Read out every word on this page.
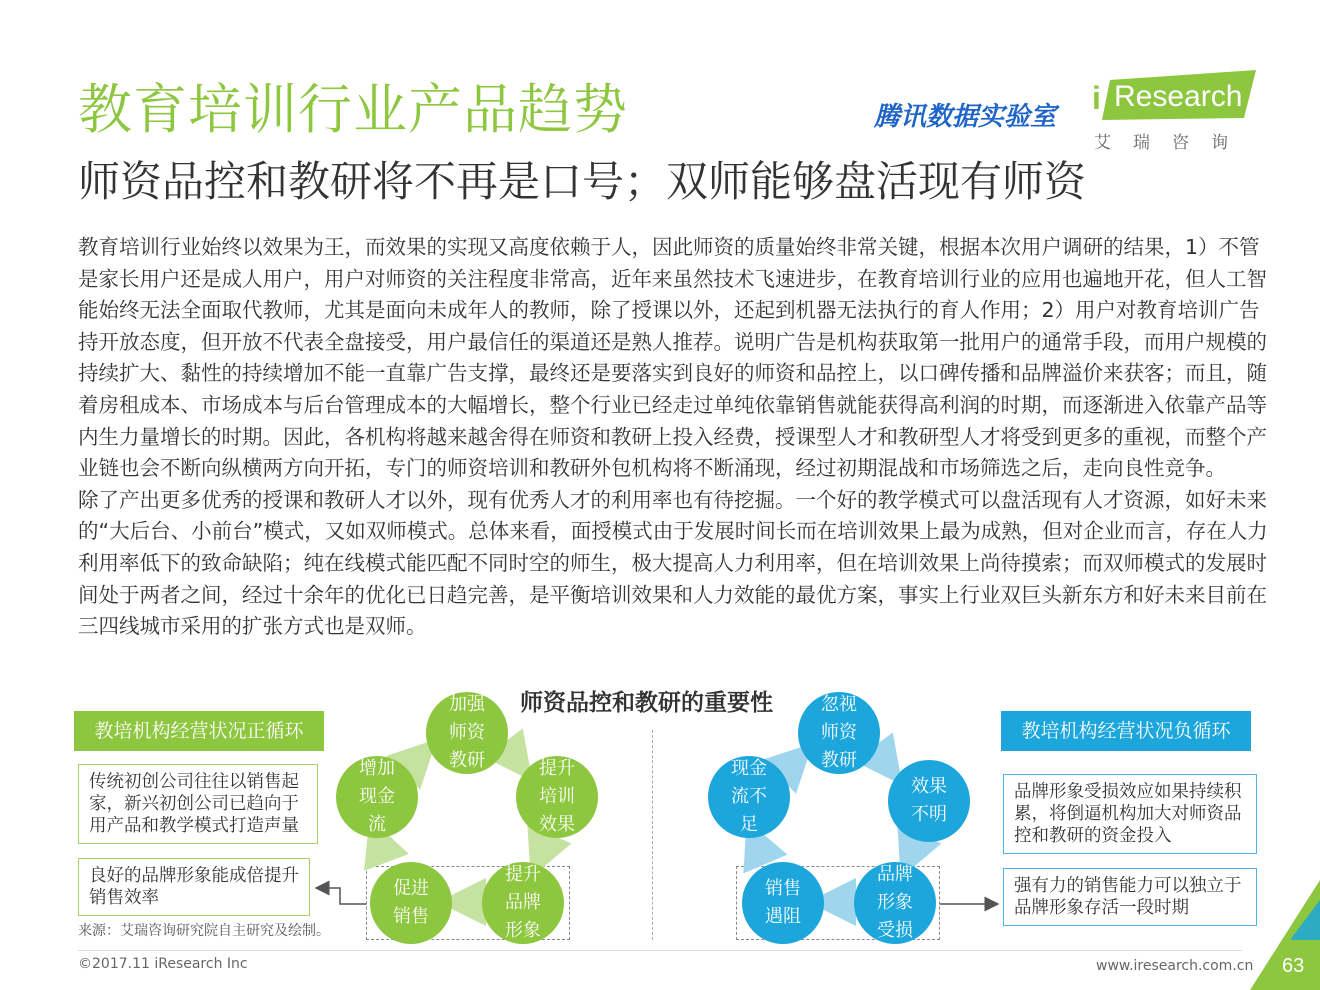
教育培训行业产品趋势
师资品控和教研将不再是口号；双师能够盘活现有师资
腾讯数据实验室
i Research
艾瑞咨询

教育培训行业始终以效果为王，而效果的实现又高度依赖于人，因此师资的质量始终非常关键，根据本次用户调研的结果，1）不管是家长用户还是成人用户，用户对师资的关注程度非常高，近年来虽然技术飞速进步，在教育培训行业的应用也遍地开花，但人工智能始终无法全面取代教师，尤其是面向未成年人的教师，除了授课以外，还起到机器无法执行的育人作用；2）用户对教育培训广告持开放态度，但开放不代表全盘接受，用户最信任的渠道还是熟人推荐。说明广告是机构获取第一批用户的通常手段，而用户规模的持续扩大、黏性的持续增加不能一直靠广告支撑，最终还是要落实到良好的师资和品控上，以口碑传播和品牌溢价来获客；而且，随着房租成本、市场成本与后台管理成本的大幅增长，整个行业已经走过单纯依靠销售就能获得高利润的时期，而逐渐进入依靠产品等内生力量增长的时期。因此，各机构将越来越舍得在师资和教研上投入经费，授课型人才和教研型人才将受到更多的重视，而整个产业链也会不断向纵横两方向开拓，专门的师资培训和教研外包机构将不断涌现，经过初期混战和市场筛选之后，走向良性竞争。

除了产出更多优秀的授课和教研人才以外，现有优秀人才的利用率也有待挖掘。一个好的教学模式可以盘活现有人才资源，如好未来的“大后台、小前台”模式，又如双师模式。总体来看，面授模式由于发展时间长而在培训效果上最为成熟，但对企业而言，存在人力利用率低下的致命缺陷；纯在线模式能匹配不同时空的师生，极大提高人力利用率，但在培训效果上尚待摸索；而双师模式的发展时间处于两者之间，经过十余年的优化已日趋完善，是平衡培训效果和人力效能的最优方案，事实上行业双巨头新东方和好未来目前在三四线城市采用的扩张方式也是双师。

师资品控和教研的重要性
教培机构经营状况正循环	教培机构经营状况负循环
传统初创公司往往以销售起家，新兴初创公司已趋向于用产品和教学模式打造声量
良好的品牌形象能成倍提升销售效率
品牌形象受损效应如果持续积累，将倒逼机构加大对师资品控和教研的资金投入
强有力的销售能力可以独立于品牌形象存活一段时期
加强师资教研	提升培训效果
提升品牌形象
促进销售
增加现金流
忽视师资教研
效果不明
品牌形象受损
销售遇阻
现金流不足
来源：艾瑞咨询研究院自主研究及绘制。
©2017.11 iResearch Inc	www.iresearch.com.cn 63
